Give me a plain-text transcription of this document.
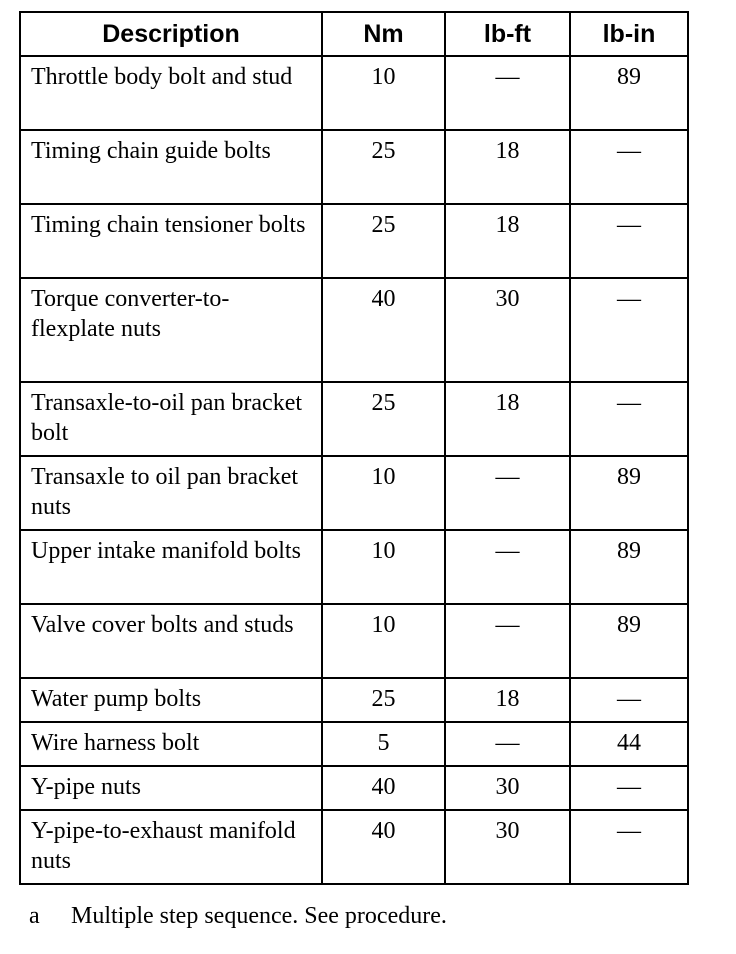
Description	Nm	lb-ft	lb-in
Throttle body bolt and stud	10	—	89
Timing chain guide bolts	25	18	—
Timing chain tensioner bolts	25	18	—
Torque converter-to-flexplate nuts	40	30	—
Transaxle-to-oil pan bracket bolt	25	18	—
Transaxle to oil pan bracket nuts	10	—	89
Upper intake manifold bolts	10	—	89
Valve cover bolts and studs	10	—	89
Water pump bolts	25	18	—
Wire harness bolt	5	—	44
Y-pipe nuts	40	30	—
Y-pipe-to-exhaust manifold nuts	40	30	—
a Multiple step sequence. See procedure.
